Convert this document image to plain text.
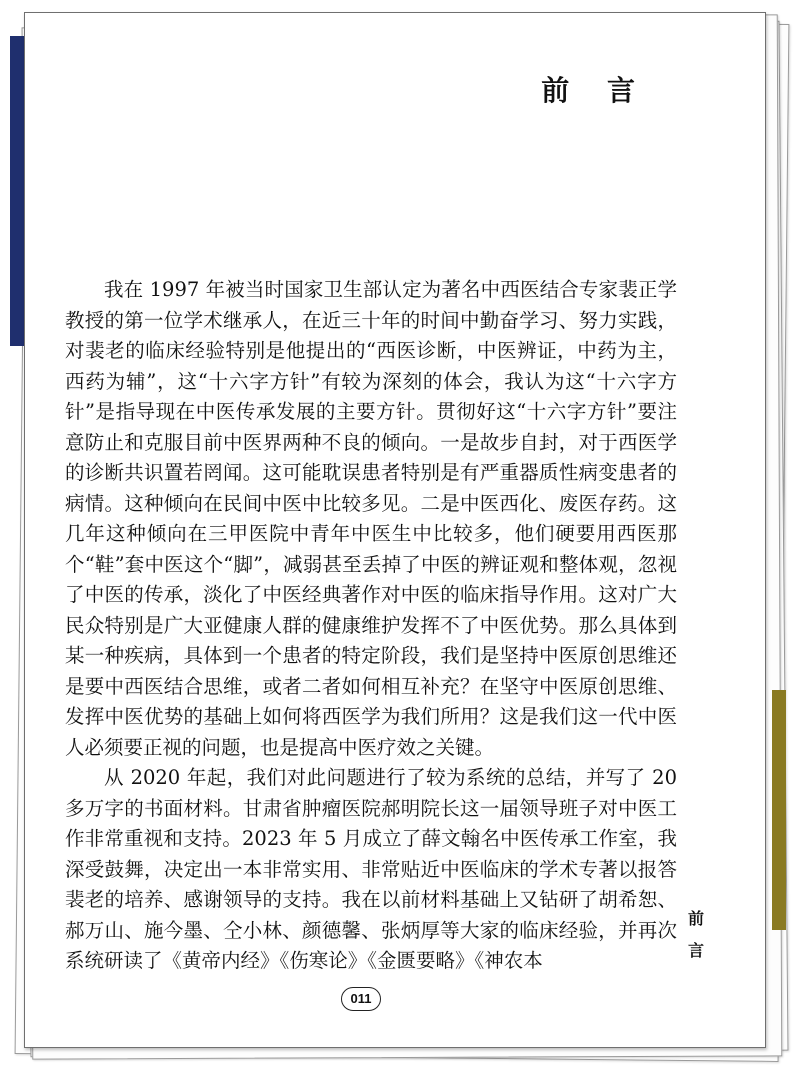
前 言

我在 1997 年被当时国家卫生部认定为著名中西医结合专家裴正学教授的第一位学术继承人，在近三十年的时间中勤奋学习、努力实践，对裴老的临床经验特别是他提出的“西医诊断，中医辨证，中药为主，西药为辅”，这“十六字方针”有较为深刻的体会，我认为这“十六字方针”是指导现在中医传承发展的主要方针。贯彻好这“十六字方针”要注意防止和克服目前中医界两种不良的倾向。一是故步自封，对于西医学的诊断共识置若罔闻。这可能耽误患者特别是有严重器质性病变患者的病情。这种倾向在民间中医中比较多见。二是中医西化、废医存药。这几年这种倾向在三甲医院中青年中医生中比较多，他们硬要用西医那个“鞋”套中医这个“脚”，减弱甚至丢掉了中医的辨证观和整体观，忽视了中医的传承，淡化了中医经典著作对中医的临床指导作用。这对广大民众特别是广大亚健康人群的健康维护发挥不了中医优势。那么具体到某一种疾病，具体到一个患者的特定阶段，我们是坚持中医原创思维还是要中西医结合思维，或者二者如何相互补充？在坚守中医原创思维、发挥中医优势的基础上如何将西医学为我们所用？这是我们这一代中医人必须要正视的问题，也是提高中医疗效之关键。

从 2020 年起，我们对此问题进行了较为系统的总结，并写了 20 多万字的书面材料。甘肃省肿瘤医院郝明院长这一届领导班子对中医工作非常重视和支持。2023 年 5 月成立了薛文翰名中医传承工作室，我深受鼓舞，决定出一本非常实用、非常贴近中医临床的学术专著以报答裴老的培养、感谢领导的支持。我在以前材料基础上又钻研了胡希恕、郝万山、施今墨、仝小林、颜德馨、张炳厚等大家的临床经验，并再次系统研读了《黄帝内经》《伤寒论》《金匮要略》《神农本

前
言
011
